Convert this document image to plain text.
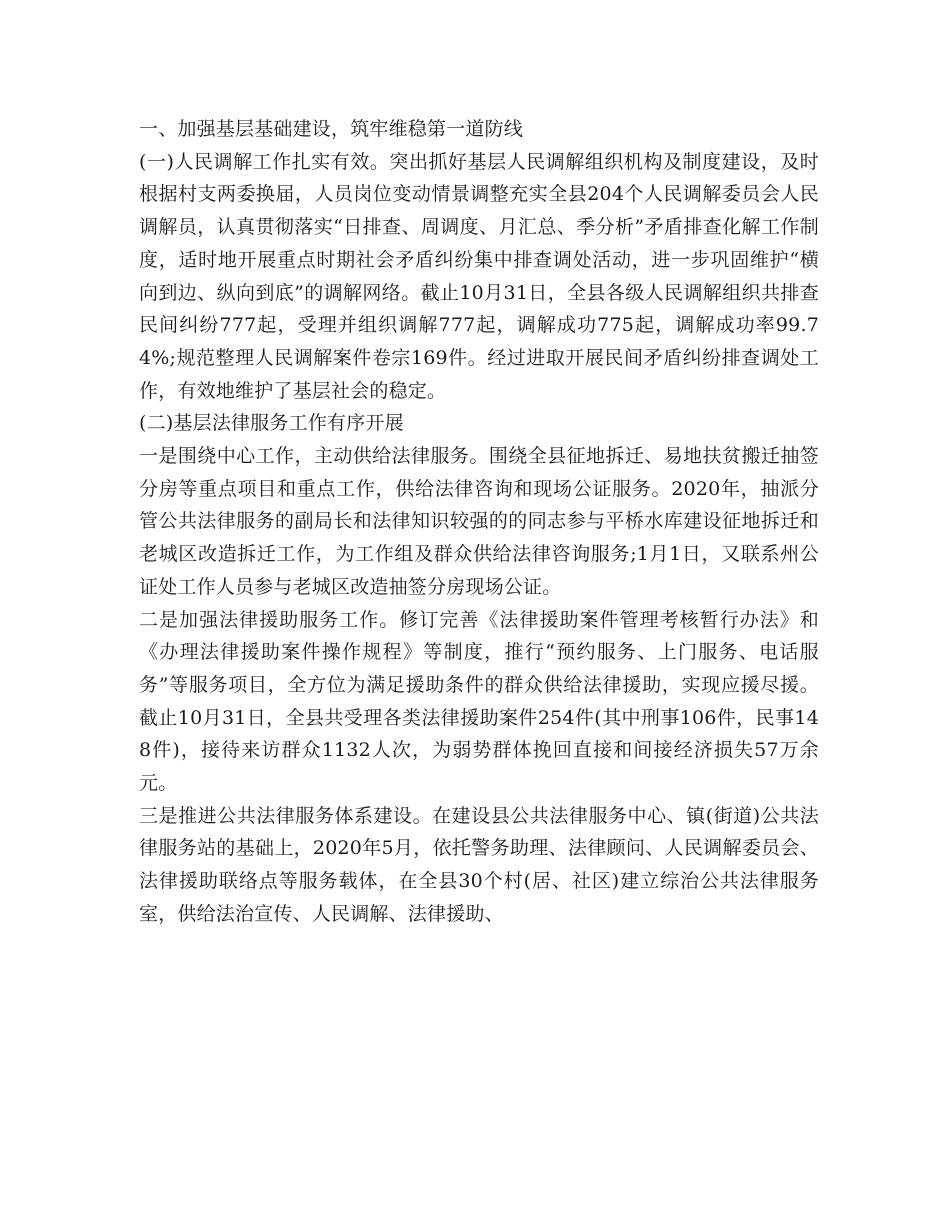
一、加强基层基础建设，筑牢维稳第一道防线

(一)人民调解工作扎实有效。突出抓好基层人民调解组织机构及制度建设，及时根据村支两委换届，人员岗位变动情景调整充实全县204个人民调解委员会人民调解员，认真贯彻落实“日排查、周调度、月汇总、季分析”矛盾排查化解工作制度，适时地开展重点时期社会矛盾纠纷集中排查调处活动，进一步巩固维护“横向到边、纵向到底”的调解网络。截止10月31日，全县各级人民调解组织共排查民间纠纷777起，受理并组织调解777起，调解成功775起，调解成功率99.74%;规范整理人民调解案件卷宗169件。经过进取开展民间矛盾纠纷排查调处工作，有效地维护了基层社会的稳定。

(二)基层法律服务工作有序开展

一是围绕中心工作，主动供给法律服务。围绕全县征地拆迁、易地扶贫搬迁抽签分房等重点项目和重点工作，供给法律咨询和现场公证服务。2020年，抽派分管公共法律服务的副局长和法律知识较强的的同志参与平桥水库建设征地拆迁和老城区改造拆迁工作，为工作组及群众供给法律咨询服务;1月1日，又联系州公证处工作人员参与老城区改造抽签分房现场公证。

二是加强法律援助服务工作。修订完善《法律援助案件管理考核暂行办法》和《办理法律援助案件操作规程》等制度，推行“预约服务、上门服务、电话服务”等服务项目，全方位为满足援助条件的群众供给法律援助，实现应援尽援。截止10月31日，全县共受理各类法律援助案件254件(其中刑事106件，民事148件)，接待来访群众1132人次，为弱势群体挽回直接和间接经济损失57万余元。

三是推进公共法律服务体系建设。在建设县公共法律服务中心、镇(街道)公共法律服务站的基础上，2020年5月，依托警务助理、法律顾问、人民调解委员会、法律援助联络点等服务载体，在全县30个村(居、社区)建立综治公共法律服务室，供给法治宣传、人民调解、法律援助、
